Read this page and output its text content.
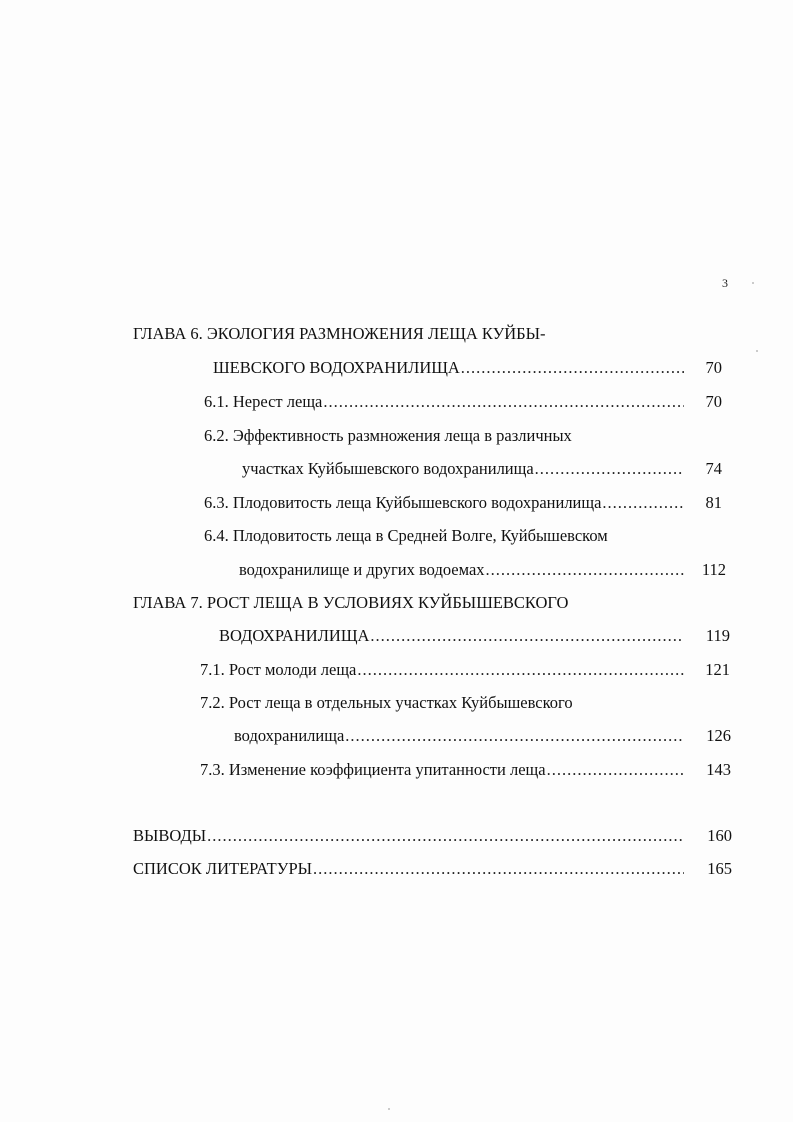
3
ГЛАВА 6. ЭКОЛОГИЯ РАЗМНОЖЕНИЯ ЛЕЩА КУЙБЫ-
ШЕВСКОГО ВОДОХРАНИЛИЩА .....	70
6.1. Нерест леща .....	70
6.2. Эффективность размножения леща в различных
участках Куйбышевского водохранилища .....	74
6.3. Плодовитость леща Куйбышевского водохранилища .....	81
6.4. Плодовитость леща в Средней Волге, Куйбышевском
водохранилище и других водоемах .....	112
ГЛАВА 7. РОСТ ЛЕЩА В УСЛОВИЯХ КУЙБЫШЕВСКОГО
ВОДОХРАНИЛИЩА .....	119
7.1. Рост молоди леща .....	121
7.2. Рост леща в отдельных участках Куйбышевского
водохранилища .....	126
7.3. Изменение коэффициента упитанности леща .....	143
ВЫВОДЫ .....	160
СПИСОК ЛИТЕРАТУРЫ .....	165
